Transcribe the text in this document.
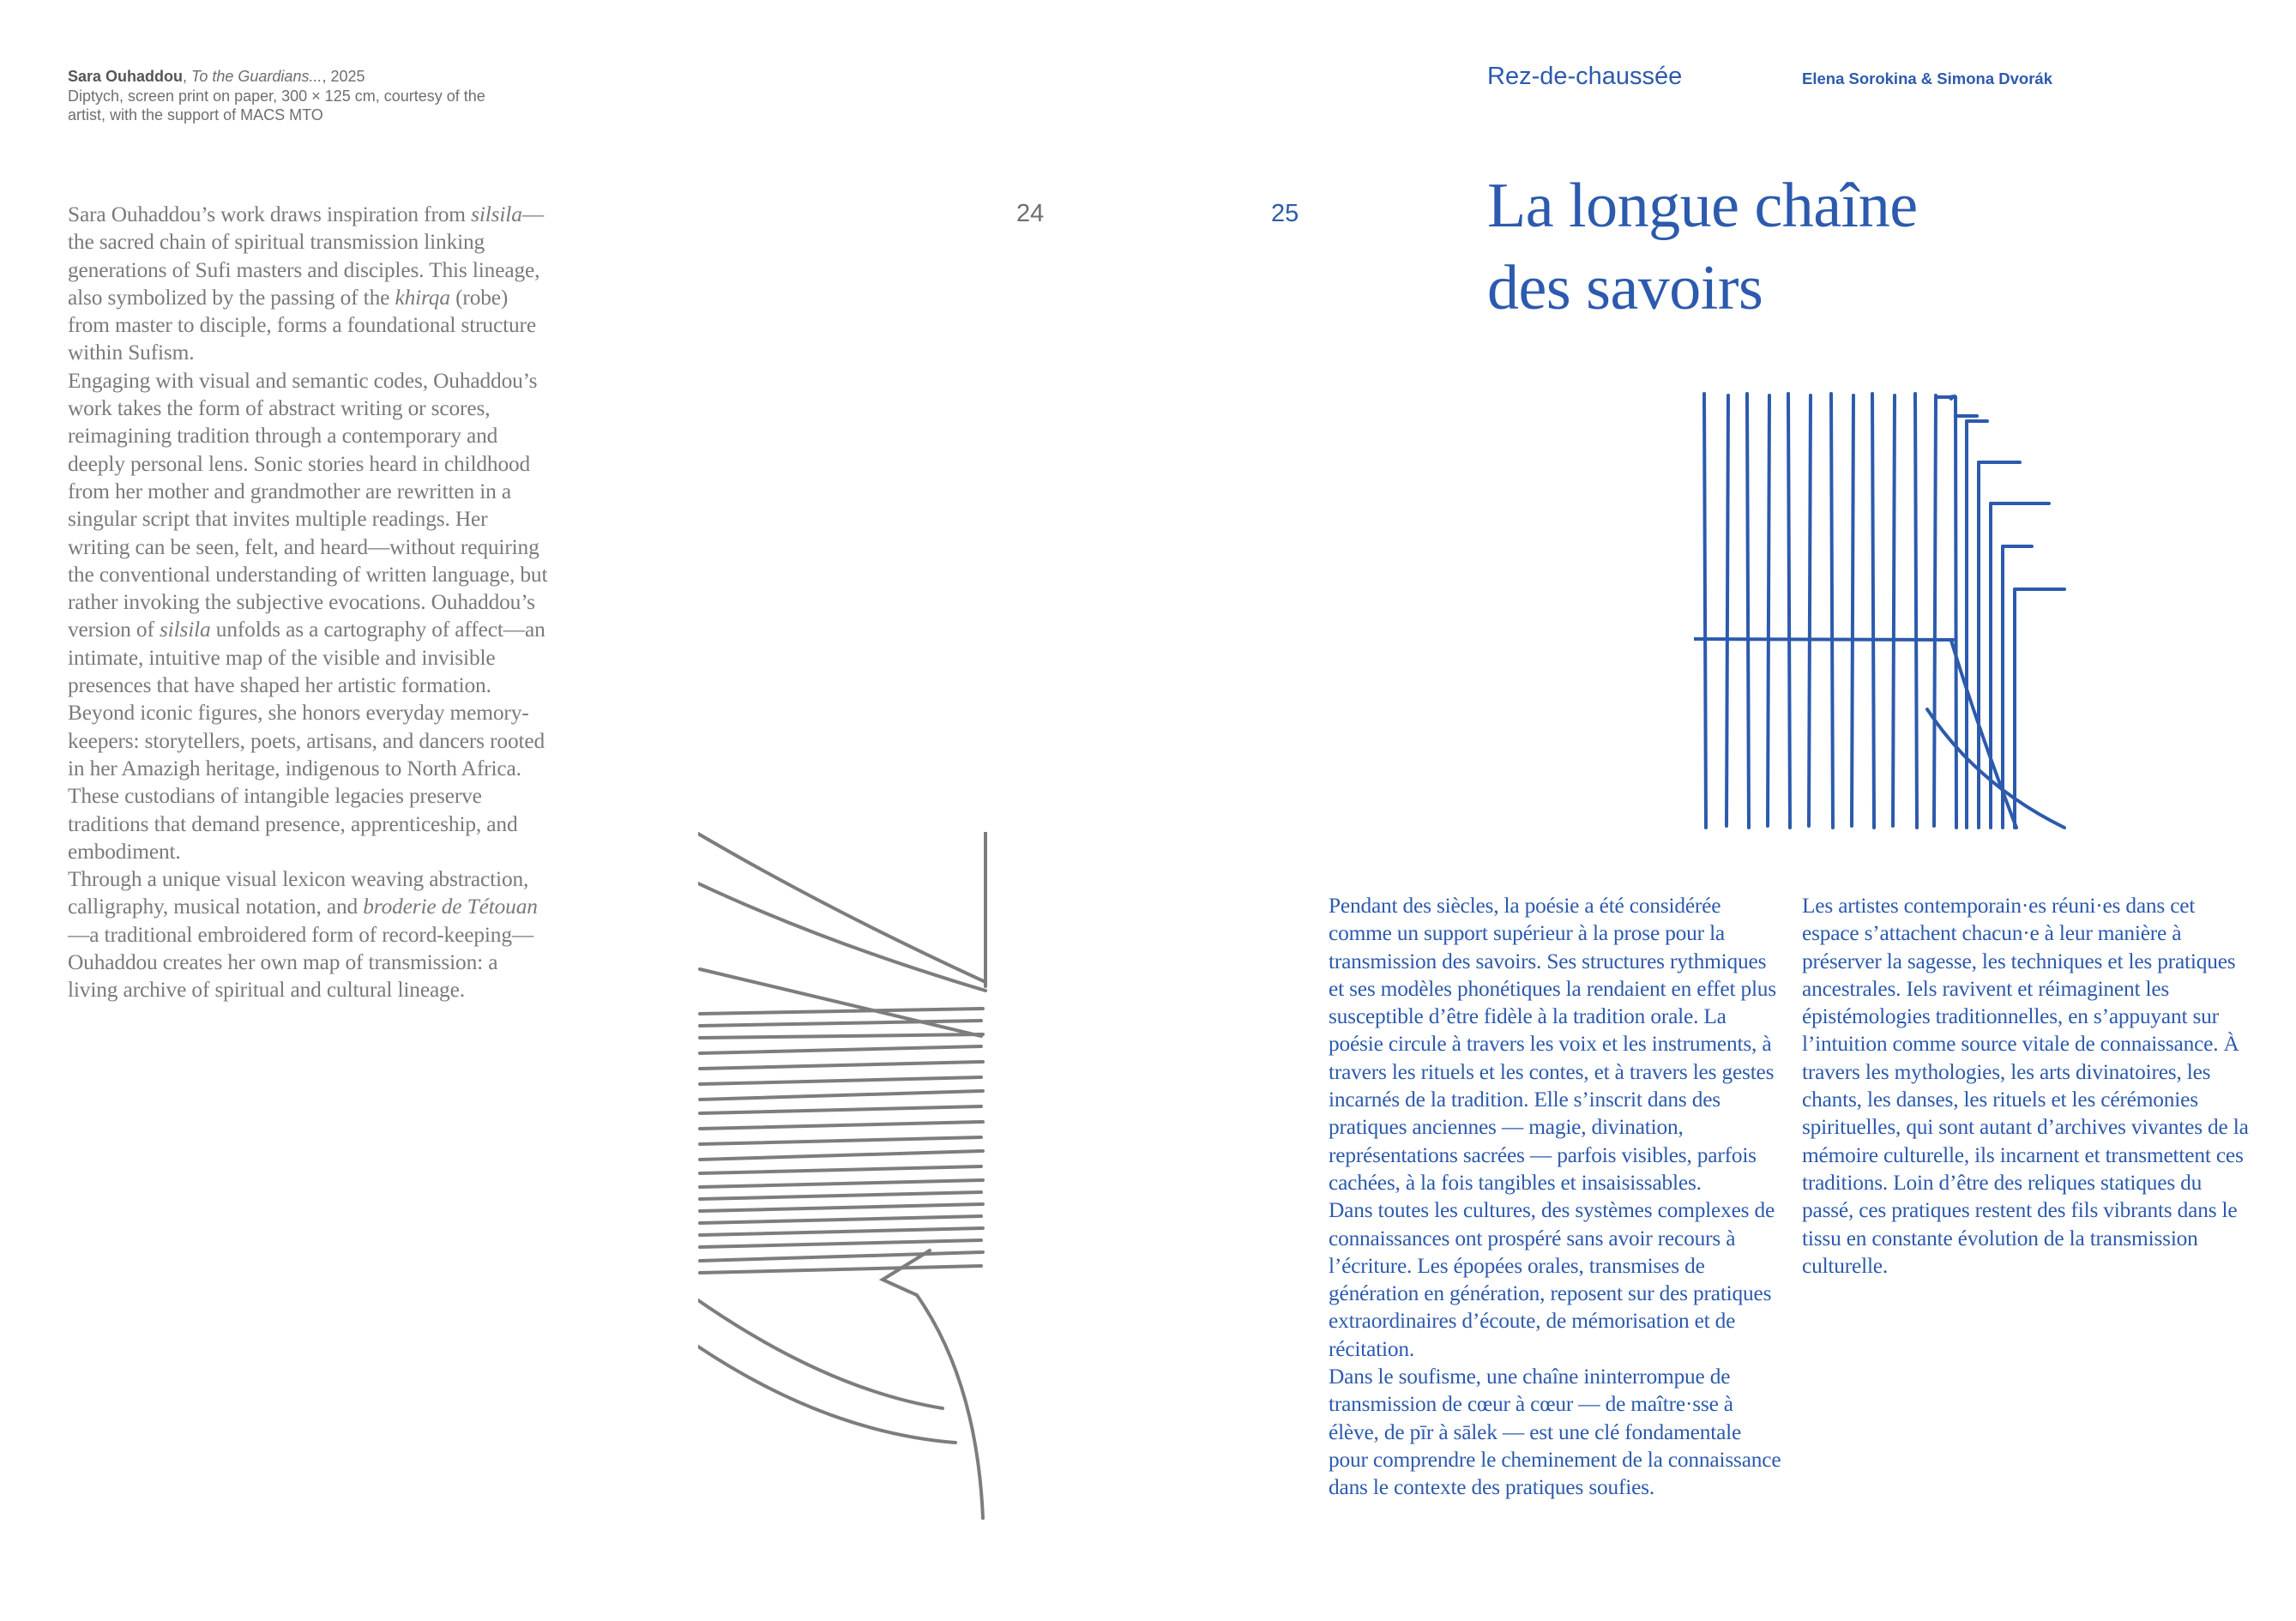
Sara Ouhaddou, To the Guardians..., 2025
Diptych, screen print on paper, 300 × 125 cm, courtesy of the
artist, with the support of MACS MTO

Sara Ouhaddou’s work draws inspiration from silsila—the sacred chain of spiritual transmission linking generations of Sufi masters and disciples. This lineage, also symbolized by the passing of the khirqa (robe) from master to disciple, forms a foundational structure within Sufism.

Engaging with visual and semantic codes, Ouhaddou’s work takes the form of abstract writing or scores, reimagining tradition through a contemporary and deeply personal lens. Sonic stories heard in childhood from her mother and grandmother are rewritten in a singular script that invites multiple readings. Her writing can be seen, felt, and heard—without requiring the conventional understanding of written language, but rather invoking the subjective evocations. Ouhaddou’s version of silsila unfolds as a cartography of affect—an intimate, intuitive map of the visible and invisible presences that have shaped her artistic formation. Beyond iconic figures, she honors everyday memory-keepers: storytellers, poets, artisans, and dancers rooted in her Amazigh heritage, indigenous to North Africa. These custodians of intangible legacies preserve traditions that demand presence, apprenticeship, and embodiment.

Through a unique visual lexicon weaving abstraction, calligraphy, musical notation, and broderie de Tétouan—a traditional embroidered form of record-keeping—Ouhaddou creates her own map of transmission: a living archive of spiritual and cultural lineage.

24	25
Rez-de-chaussée	Elena Sorokina & Simona Dvorák
La longue chaîne
des savoirs

Pendant des siècles, la poésie a été considérée comme un support supérieur à la prose pour la transmission des savoirs. Ses structures rythmiques et ses modèles phonétiques la rendaient en effet plus susceptible d’être fidèle à la tradition orale. La poésie circule à travers les voix et les instruments, à travers les rituels et les contes, et à travers les gestes incarnés de la tradition. Elle s’inscrit dans des pratiques anciennes — magie, divination, représentations sacrées — parfois visibles, parfois cachées, à la fois tangibles et insaisissables.

Dans toutes les cultures, des systèmes complexes de connaissances ont prospéré sans avoir recours à l’écriture. Les épopées orales, transmises de génération en génération, reposent sur des pratiques extraordinaires d’écoute, de mémorisation et de récitation.

Dans le soufisme, une chaîne ininterrompue de transmission de cœur à cœur — de maître·sse à élève, de pīr à sālek — est une clé fondamentale pour comprendre le cheminement de la connaissance dans le contexte des pratiques soufies.

Les artistes contemporain·es réuni·es dans cet espace s’attachent chacun·e à leur manière à préserver la sagesse, les techniques et les pratiques ancestrales. Iels ravivent et réimaginent les épistémologies traditionnelles, en s’appuyant sur l’intuition comme source vitale de connaissance. À travers les mythologies, les arts divinatoires, les chants, les danses, les rituels et les cérémonies spirituelles, qui sont autant d’archives vivantes de la mémoire culturelle, ils incarnent et transmettent ces traditions. Loin d’être des reliques statiques du passé, ces pratiques restent des fils vibrants dans le tissu en constante évolution de la transmission culturelle.
